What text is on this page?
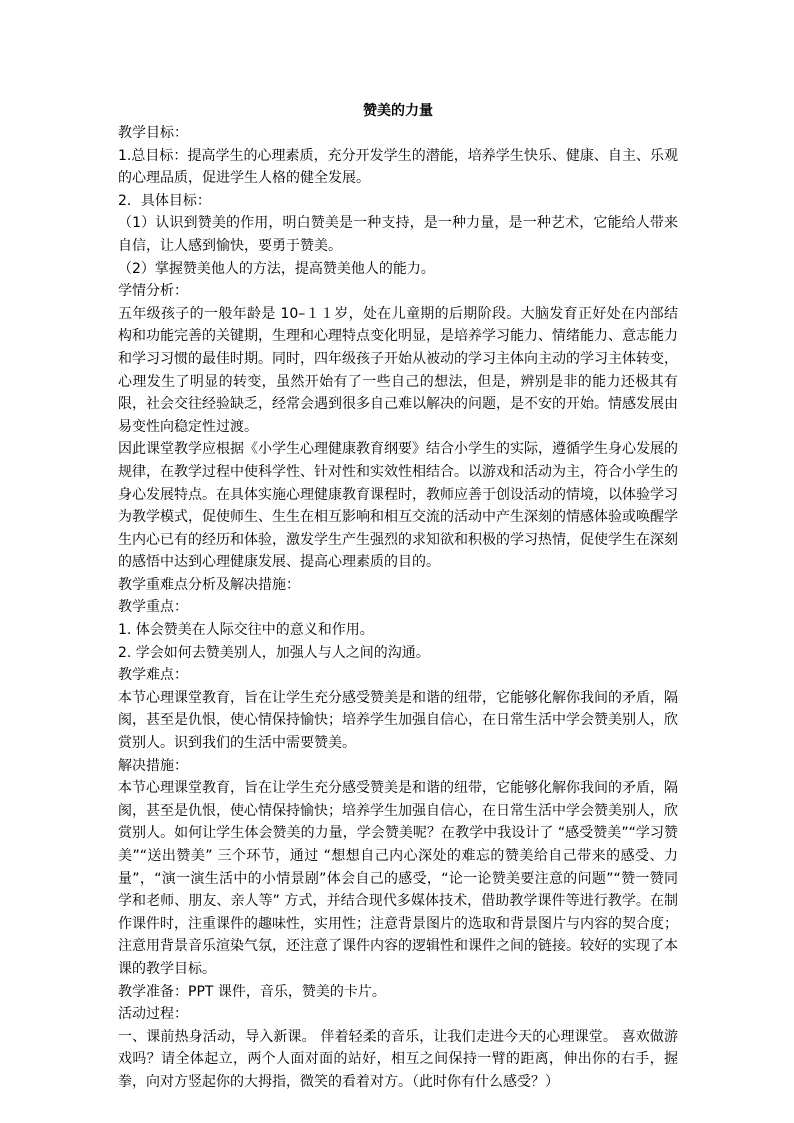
赞美的力量

教学目标：

1.总目标：提高学生的心理素质，充分开发学生的潜能，培养学生快乐、健康、自主、乐观的心理品质，促进学生人格的健全发展。

2．具体目标：

（1）认识到赞美的作用，明白赞美是一种支持，是一种力量，是一种艺术，它能给人带来自信，让人感到愉快，要勇于赞美。

（2）掌握赞美他人的方法，提高赞美他人的能力。

学情分析：

五年级孩子的一般年龄是 10–１１岁，处在儿童期的后期阶段。大脑发育正好处在内部结构和功能完善的关键期，生理和心理特点变化明显，是培养学习能力、情绪能力、意志能力和学习习惯的最佳时期。同时，四年级孩子开始从被动的学习主体向主动的学习主体转变，心理发生了明显的转变，虽然开始有了一些自己的想法，但是，辨别是非的能力还极其有限，社会交往经验缺乏，经常会遇到很多自己难以解决的问题，是不安的开始。情感发展由易变性向稳定性过渡。

因此课堂教学应根据《小学生心理健康教育纲要》结合小学生的实际，遵循学生身心发展的规律，在教学过程中使科学性、针对性和实效性相结合。以游戏和活动为主，符合小学生的身心发展特点。在具体实施心理健康教育课程时，教师应善于创设活动的情境，以体验学习为教学模式，促使师生、生生在相互影响和相互交流的活动中产生深刻的情感体验或唤醒学生内心已有的经历和体验，激发学生产生强烈的求知欲和积极的学习热情，促使学生在深刻的感悟中达到心理健康发展、提高心理素质的目的。

教学重难点分析及解决措施：

教学重点：

1. 体会赞美在人际交往中的意义和作用。

2. 学会如何去赞美别人，加强人与人之间的沟通。

教学难点：

本节心理课堂教育，旨在让学生充分感受赞美是和谐的纽带，它能够化解你我间的矛盾，隔阂，甚至是仇恨，使心情保持愉快；培养学生加强自信心，在日常生活中学会赞美别人，欣赏别人。识到我们的生活中需要赞美。

解决措施：

本节心理课堂教育，旨在让学生充分感受赞美是和谐的纽带，它能够化解你我间的矛盾，隔阂，甚至是仇恨，使心情保持愉快；培养学生加强自信心，在日常生活中学会赞美别人，欣赏别人。如何让学生体会赞美的力量，学会赞美呢？在教学中我设计了 “感受赞美”“学习赞美”“送出赞美” 三个环节，通过 “想想自己内心深处的难忘的赞美给自己带来的感受、力量”，“演一演生活中的小情景剧”体会自己的感受，“论一论赞美要注意的问题”“赞一赞同学和老师、朋友、亲人等” 方式，并结合现代多媒体技术，借助教学课件等进行教学。在制作课件时，注重课件的趣味性，实用性；注意背景图片的选取和背景图片与内容的契合度；注意用背景音乐渲染气氛，还注意了课件内容的逻辑性和课件之间的链接。较好的实现了本课的教学目标。

教学准备：PPT 课件，音乐，赞美的卡片。

活动过程：

一、课前热身活动，导入新课。 伴着轻柔的音乐，让我们走进今天的心理课堂。 喜欢做游戏吗？请全体起立，两个人面对面的站好，相互之间保持一臂的距离，伸出你的右手，握拳，向对方竖起你的大拇指，微笑的看着对方。（此时你有什么感受？）
